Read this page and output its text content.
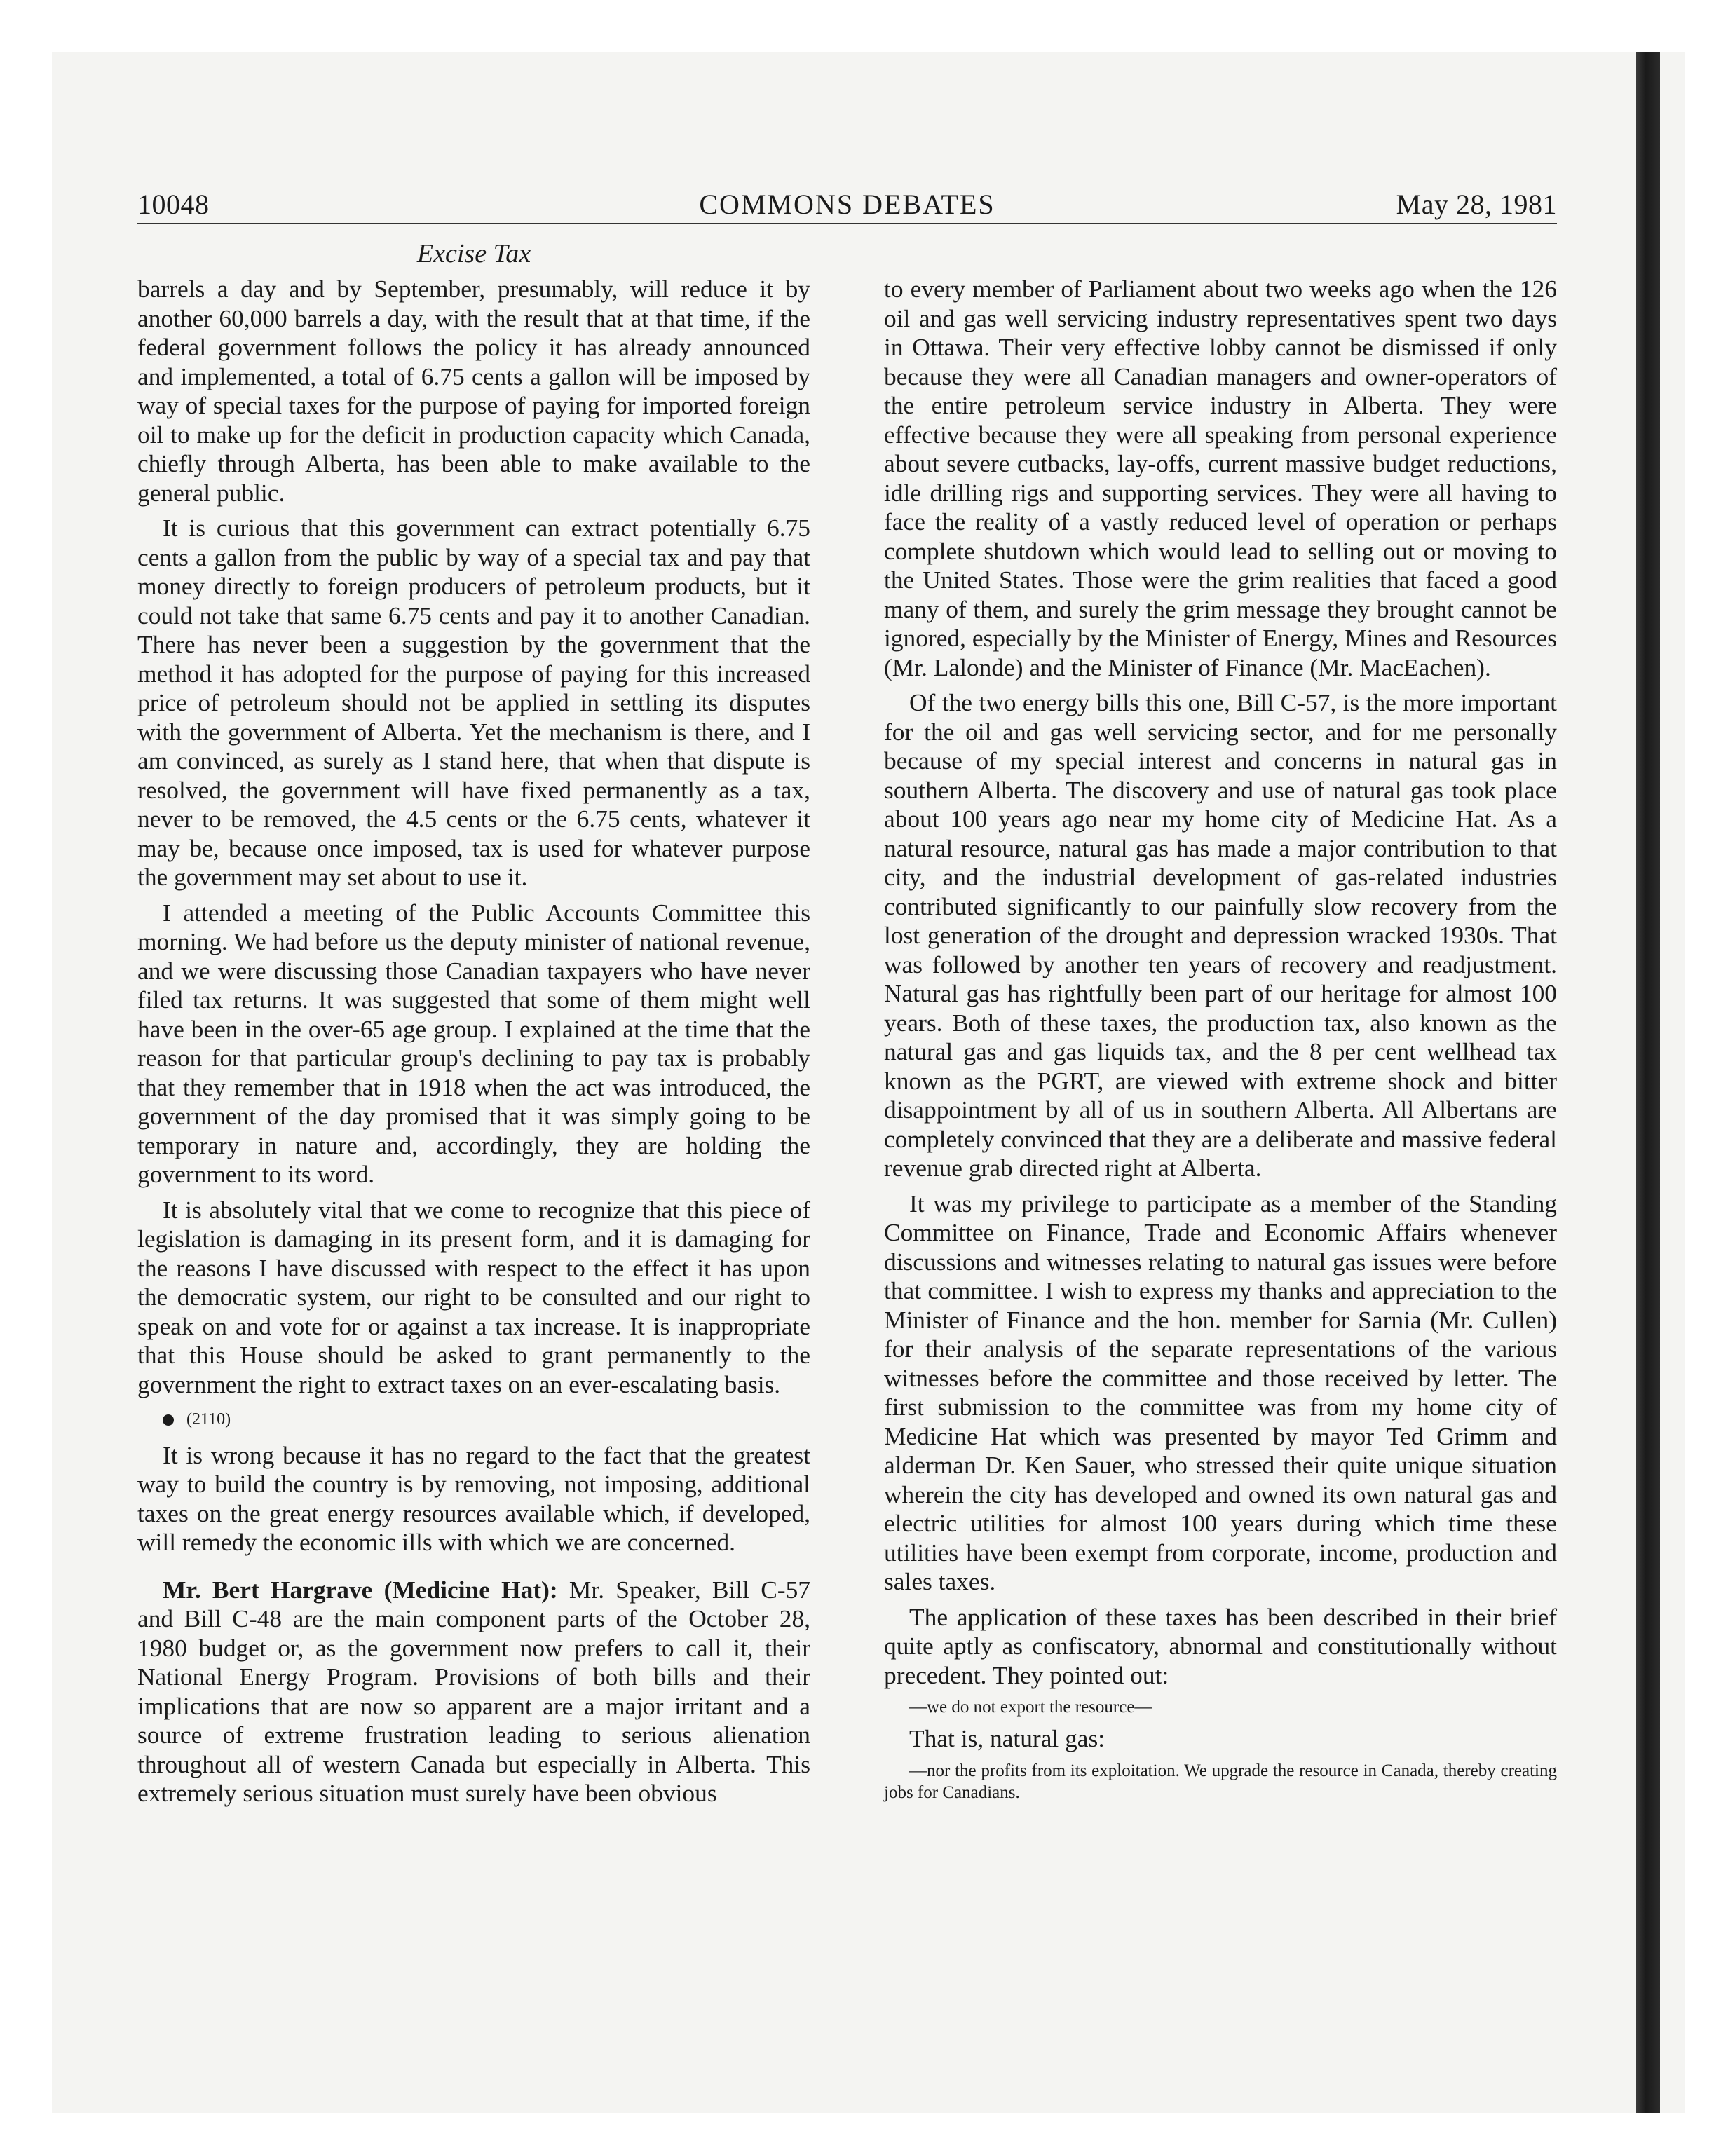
10048	COMMONS DEBATES	May 28, 1981
Excise Tax

barrels a day and by September, presumably, will reduce it by another 60,000 barrels a day, with the result that at that time, if the federal government follows the policy it has already announced and implemented, a total of 6.75 cents a gallon will be imposed by way of special taxes for the purpose of paying for imported foreign oil to make up for the deficit in production capacity which Canada, chiefly through Alberta, has been able to make available to the general public.

It is curious that this government can extract potentially 6.75 cents a gallon from the public by way of a special tax and pay that money directly to foreign producers of petroleum products, but it could not take that same 6.75 cents and pay it to another Canadian. There has never been a suggestion by the government that the method it has adopted for the purpose of paying for this increased price of petroleum should not be applied in settling its disputes with the government of Alberta. Yet the mechanism is there, and I am convinced, as surely as I stand here, that when that dispute is resolved, the government will have fixed permanently as a tax, never to be removed, the 4.5 cents or the 6.75 cents, whatever it may be, because once imposed, tax is used for whatever purpose the government may set about to use it.

I attended a meeting of the Public Accounts Committee this morning. We had before us the deputy minister of national revenue, and we were discussing those Canadian taxpayers who have never filed tax returns. It was suggested that some of them might well have been in the over-65 age group. I explained at the time that the reason for that particular group's declining to pay tax is probably that they remember that in 1918 when the act was introduced, the government of the day promised that it was simply going to be temporary in nature and, accordingly, they are holding the government to its word.

It is absolutely vital that we come to recognize that this piece of legislation is damaging in its present form, and it is damaging for the reasons I have discussed with respect to the effect it has upon the democratic system, our right to be consulted and our right to speak on and vote for or against a tax increase. It is inappropriate that this House should be asked to grant permanently to the government the right to extract taxes on an ever-escalating basis.

(2110)

It is wrong because it has no regard to the fact that the greatest way to build the country is by removing, not imposing, additional taxes on the great energy resources available which, if developed, will remedy the economic ills with which we are concerned.

Mr. Bert Hargrave (Medicine Hat): Mr. Speaker, Bill C-57 and Bill C-48 are the main component parts of the October 28, 1980 budget or, as the government now prefers to call it, their National Energy Program. Provisions of both bills and their implications that are now so apparent are a major irritant and a source of extreme frustration leading to serious alienation throughout all of western Canada but especially in Alberta. This extremely serious situation must surely have been obvious

to every member of Parliament about two weeks ago when the 126 oil and gas well servicing industry representatives spent two days in Ottawa. Their very effective lobby cannot be dismissed if only because they were all Canadian managers and owner-operators of the entire petroleum service industry in Alberta. They were effective because they were all speaking from personal experience about severe cutbacks, lay-offs, current massive budget reductions, idle drilling rigs and supporting services. They were all having to face the reality of a vastly reduced level of operation or perhaps complete shutdown which would lead to selling out or moving to the United States. Those were the grim realities that faced a good many of them, and surely the grim message they brought cannot be ignored, especially by the Minister of Energy, Mines and Resources (Mr. Lalonde) and the Minister of Finance (Mr. MacEachen).

Of the two energy bills this one, Bill C-57, is the more important for the oil and gas well servicing sector, and for me personally because of my special interest and concerns in natural gas in southern Alberta. The discovery and use of natural gas took place about 100 years ago near my home city of Medicine Hat. As a natural resource, natural gas has made a major contribution to that city, and the industrial development of gas-related industries contributed significantly to our painfully slow recovery from the lost generation of the drought and depression wracked 1930s. That was followed by another ten years of recovery and readjustment. Natural gas has rightfully been part of our heritage for almost 100 years. Both of these taxes, the production tax, also known as the natural gas and gas liquids tax, and the 8 per cent wellhead tax known as the PGRT, are viewed with extreme shock and bitter disappointment by all of us in southern Alberta. All Albertans are completely convinced that they are a deliberate and massive federal revenue grab directed right at Alberta.

It was my privilege to participate as a member of the Standing Committee on Finance, Trade and Economic Affairs whenever discussions and witnesses relating to natural gas issues were before that committee. I wish to express my thanks and appreciation to the Minister of Finance and the hon. member for Sarnia (Mr. Cullen) for their analysis of the separate representations of the various witnesses before the committee and those received by letter. The first submission to the committee was from my home city of Medicine Hat which was presented by mayor Ted Grimm and alderman Dr. Ken Sauer, who stressed their quite unique situation wherein the city has developed and owned its own natural gas and electric utilities for almost 100 years during which time these utilities have been exempt from corporate, income, production and sales taxes.

The application of these taxes has been described in their brief quite aptly as confiscatory, abnormal and constitutionally without precedent. They pointed out:

—we do not export the resource—

That is, natural gas:

—nor the profits from its exploitation. We upgrade the resource in Canada, thereby creating jobs for Canadians.
